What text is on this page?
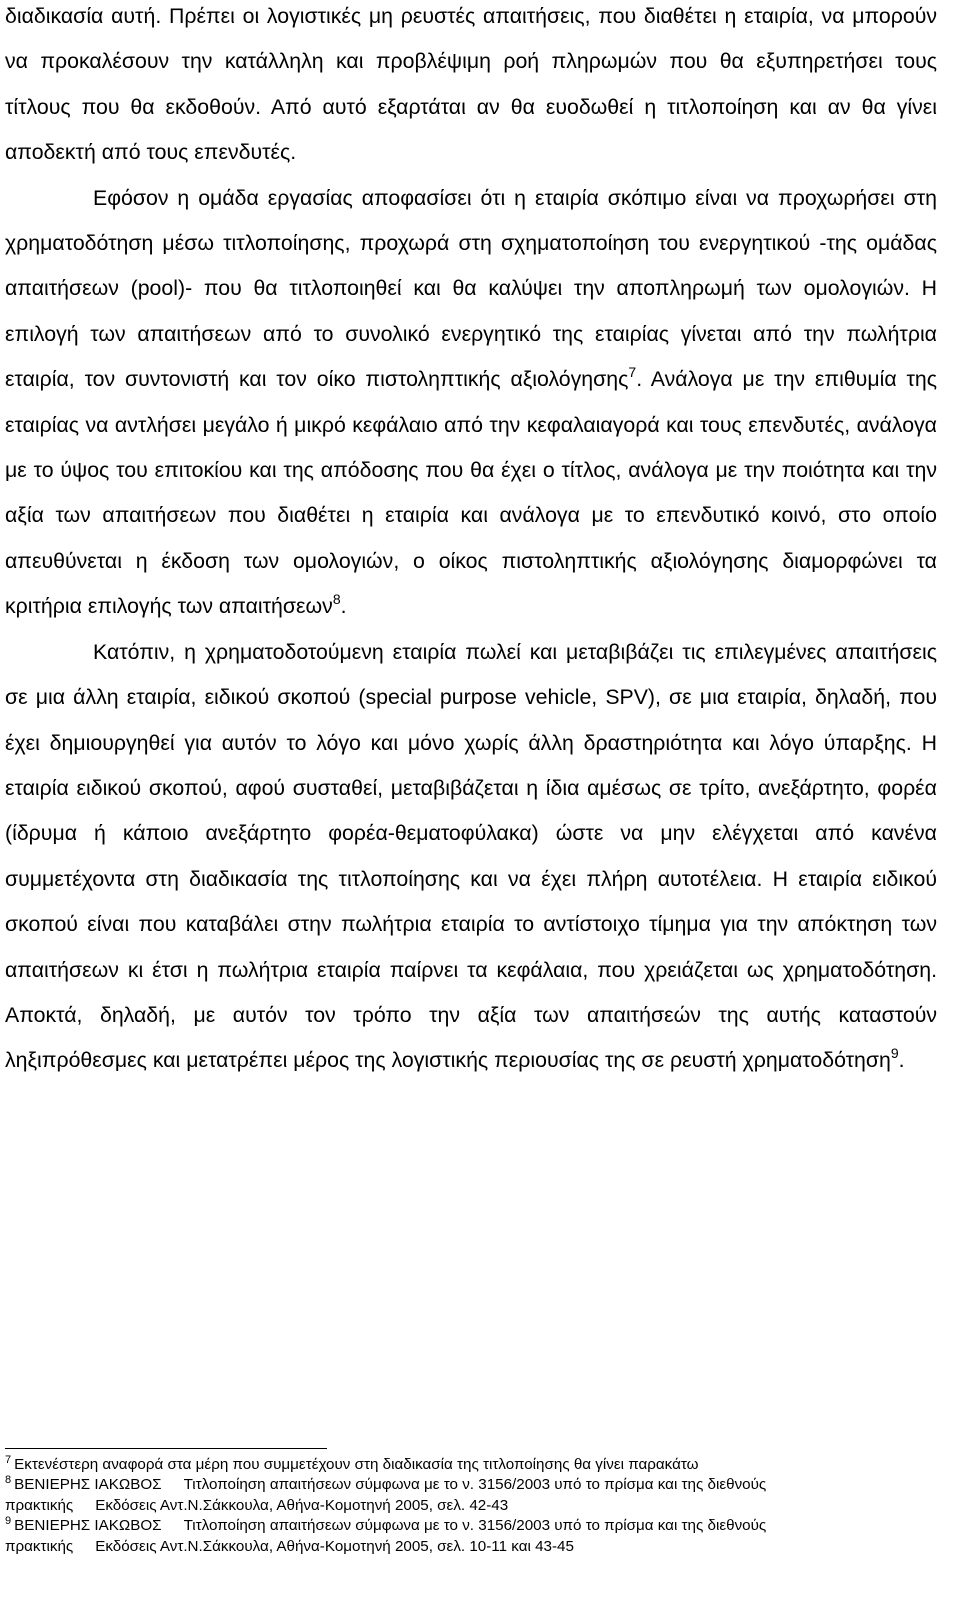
διαδικασία αυτή. Πρέπει οι λογιστικές μη ρευστές απαιτήσεις, που διαθέτει η εταιρία, να μπορούν να προκαλέσουν την κατάλληλη και προβλέψιμη ροή πληρωμών που θα εξυπηρετήσει τους τίτλους που θα εκδοθούν. Από αυτό εξαρτάται αν θα ευοδωθεί η τιτλοποίηση και αν θα γίνει αποδεκτή από τους επενδυτές.

Εφόσον η ομάδα εργασίας αποφασίσει ότι η εταιρία σκόπιμο είναι να προχωρήσει στη χρηματοδότηση μέσω τιτλοποίησης, προχωρά στη σχηματοποίηση του ενεργητικού -της ομάδας απαιτήσεων (pool)- που θα τιτλοποιηθεί και θα καλύψει την αποπληρωμή των ομολογιών. Η επιλογή των απαιτήσεων από το συνολικό ενεργητικό της εταιρίας γίνεται από την πωλήτρια εταιρία, τον συντονιστή και τον οίκο πιστοληπτικής αξιολόγησης$^7$. Ανάλογα με την επιθυμία της εταιρίας να αντλήσει μεγάλο ή μικρό κεφάλαιο από την κεφαλαιαγορά και τους επενδυτές, ανάλογα με το ύψος του επιτοκίου και της απόδοσης που θα έχει ο τίτλος, ανάλογα με την ποιότητα και την αξία των απαιτήσεων που διαθέτει η εταιρία και ανάλογα με το επενδυτικό κοινό, στο οποίο απευθύνεται η έκδοση των ομολογιών, ο οίκος πιστοληπτικής αξιολόγησης διαμορφώνει τα κριτήρια επιλογής των απαιτήσεων$^8$.

Κατόπιν, η χρηματοδοτούμενη εταιρία πωλεί και μεταβιβάζει τις επιλεγμένες απαιτήσεις σε μια άλλη εταιρία, ειδικού σκοπού (special purpose vehicle, SPV), σε μια εταιρία, δηλαδή, που έχει δημιουργηθεί για αυτόν το λόγο και μόνο χωρίς άλλη δραστηριότητα και λόγο ύπαρξης. Η εταιρία ειδικού σκοπού, αφού συσταθεί, μεταβιβάζεται η ίδια αμέσως σε τρίτο, ανεξάρτητο, φορέα (ίδρυμα ή κάποιο ανεξάρτητο φορέα-θεματοφύλακα) ώστε να μην ελέγχεται από κανένα συμμετέχοντα στη διαδικασία της τιτλοποίησης και να έχει πλήρη αυτοτέλεια. Η εταιρία ειδικού σκοπού είναι που καταβάλει στην πωλήτρια εταιρία το αντίστοιχο τίμημα για την απόκτηση των απαιτήσεων κι έτσι η πωλήτρια εταιρία παίρνει τα κεφάλαια, που χρειάζεται ως χρηματοδότηση. Αποκτά, δηλαδή, με αυτόν τον τρόπο την αξία των απαιτήσεών της αυτής καταστούν ληξιπρόθεσμες και μετατρέπει μέρος της λογιστικής περιουσίας της σε ρευστή χρηματοδότηση$^9$.

$^7$ Εκτενέστερη αναφορά στα μέρη που συμμετέχουν στη διαδικασία της τιτλοποίησης θα γίνει παρακάτω

$^8$ ΒΕΝΙΕΡΗΣ ΙΑΚΩΒΟΣ Τιτλοποίηση απαιτήσεων σύμφωνα με το ν. 3156/2003 υπό το πρίσμα και της διεθνούς

πρακτικής Εκδόσεις Αντ.Ν.Σάκκουλα, Αθήνα-Κομοτηνή 2005, σελ. 42-43

$^9$ ΒΕΝΙΕΡΗΣ ΙΑΚΩΒΟΣ Τιτλοποίηση απαιτήσεων σύμφωνα με το ν. 3156/2003 υπό το πρίσμα και της διεθνούς

πρακτικής Εκδόσεις Αντ.Ν.Σάκκουλα, Αθήνα-Κομοτηνή 2005, σελ. 10-11 και 43-45
